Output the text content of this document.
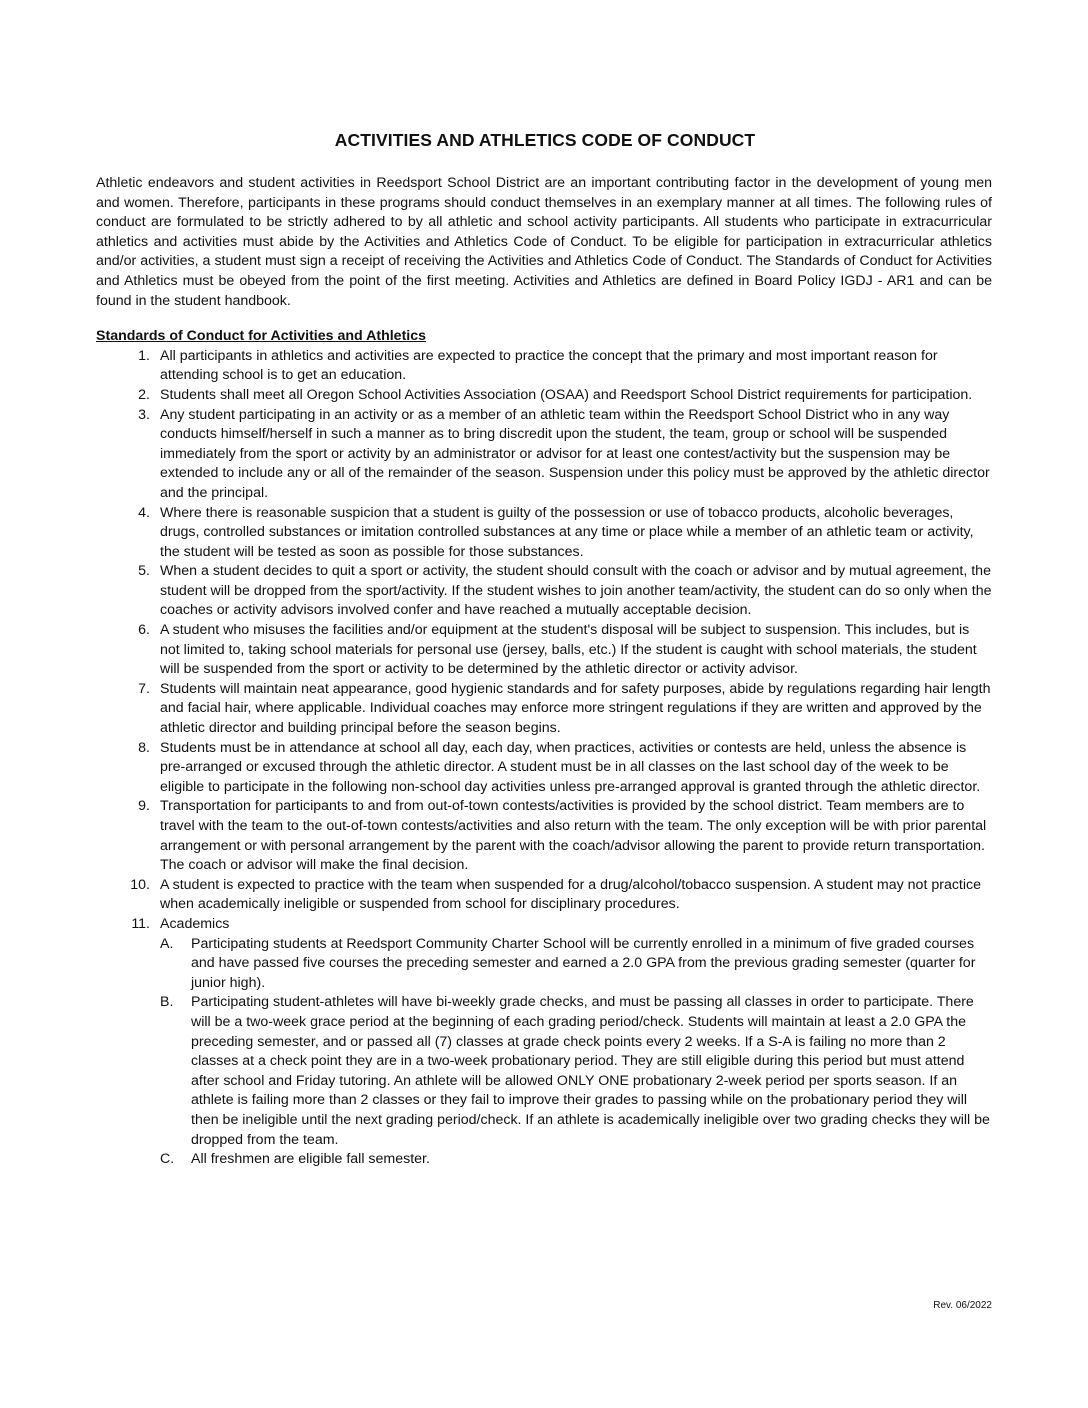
ACTIVITIES AND ATHLETICS CODE OF CONDUCT

Athletic endeavors and student activities in Reedsport School District are an important contributing factor in the development of young men and women. Therefore, participants in these programs should conduct themselves in an exemplary manner at all times. The following rules of conduct are formulated to be strictly adhered to by all athletic and school activity participants. All students who participate in extracurricular athletics and activities must abide by the Activities and Athletics Code of Conduct. To be eligible for participation in extracurricular athletics and/or activities, a student must sign a receipt of receiving the Activities and Athletics Code of Conduct. The Standards of Conduct for Activities and Athletics must be obeyed from the point of the first meeting. Activities and Athletics are defined in Board Policy IGDJ - AR1 and can be found in the student handbook.

Standards of Conduct for Activities and Athletics

1. All participants in athletics and activities are expected to practice the concept that the primary and most important reason for attending school is to get an education.
2. Students shall meet all Oregon School Activities Association (OSAA) and Reedsport School District requirements for participation.
3. Any student participating in an activity or as a member of an athletic team within the Reedsport School District who in any way conducts himself/herself in such a manner as to bring discredit upon the student, the team, group or school will be suspended immediately from the sport or activity by an administrator or advisor for at least one contest/activity but the suspension may be extended to include any or all of the remainder of the season. Suspension under this policy must be approved by the athletic director and the principal.
4. Where there is reasonable suspicion that a student is guilty of the possession or use of tobacco products, alcoholic beverages, drugs, controlled substances or imitation controlled substances at any time or place while a member of an athletic team or activity, the student will be tested as soon as possible for those substances.
5. When a student decides to quit a sport or activity, the student should consult with the coach or advisor and by mutual agreement, the student will be dropped from the sport/activity. If the student wishes to join another team/activity, the student can do so only when the coaches or activity advisors involved confer and have reached a mutually acceptable decision.
6. A student who misuses the facilities and/or equipment at the student's disposal will be subject to suspension. This includes, but is not limited to, taking school materials for personal use (jersey, balls, etc.) If the student is caught with school materials, the student will be suspended from the sport or activity to be determined by the athletic director or activity advisor.
7. Students will maintain neat appearance, good hygienic standards and for safety purposes, abide by regulations regarding hair length and facial hair, where applicable. Individual coaches may enforce more stringent regulations if they are written and approved by the athletic director and building principal before the season begins.
8. Students must be in attendance at school all day, each day, when practices, activities or contests are held, unless the absence is pre-arranged or excused through the athletic director. A student must be in all classes on the last school day of the week to be eligible to participate in the following non-school day activities unless pre-arranged approval is granted through the athletic director.
9. Transportation for participants to and from out-of-town contests/activities is provided by the school district. Team members are to travel with the team to the out-of-town contests/activities and also return with the team. The only exception will be with prior parental arrangement or with personal arrangement by the parent with the coach/advisor allowing the parent to provide return transportation. The coach or advisor will make the final decision.
10. A student is expected to practice with the team when suspended for a drug/alcohol/tobacco suspension. A student may not practice when academically ineligible or suspended from school for disciplinary procedures.
11. Academics
A.	Participating students at Reedsport Community Charter School will be currently enrolled in a minimum of five graded courses and have passed five courses the preceding semester and earned a 2.0 GPA from the previous grading semester (quarter for junior high).
B.	Participating student-athletes will have bi-weekly grade checks, and must be passing all classes in order to participate. There will be a two-week grace period at the beginning of each grading period/check. Students will maintain at least a 2.0 GPA the preceding semester, and or passed all (7) classes at grade check points every 2 weeks. If a S-A is failing no more than 2 classes at a check point they are in a two-week probationary period. They are still eligible during this period but must attend after school and Friday tutoring. An athlete will be allowed ONLY ONE probationary 2-week period per sports season. If an athlete is failing more than 2 classes or they fail to improve their grades to passing while on the probationary period they will then be ineligible until the next grading period/check. If an athlete is academically ineligible over two grading checks they will be dropped from the team.
C.	All freshmen are eligible fall semester.
Rev. 06/2022
